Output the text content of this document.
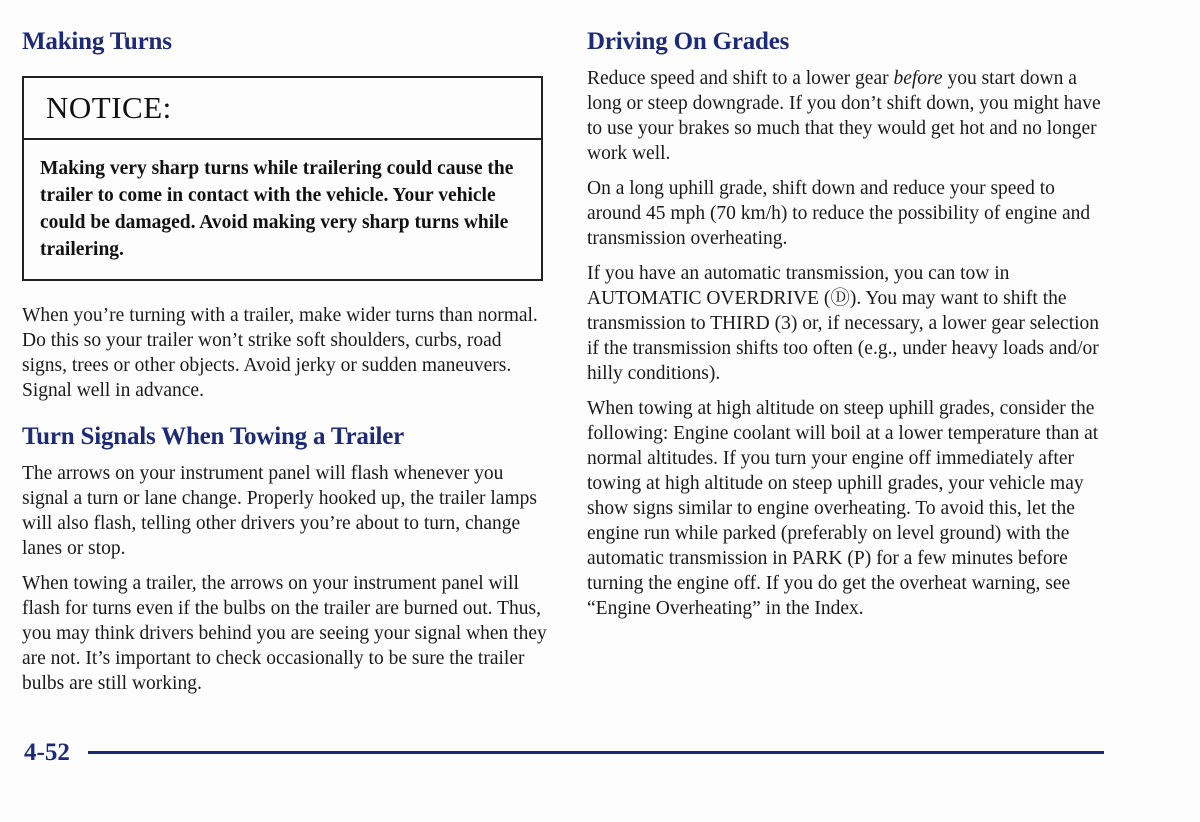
Making Turns
NOTICE:
Making very sharp turns while trailering could cause the trailer to come in contact with the vehicle. Your vehicle could be damaged. Avoid making very sharp turns while trailering.

When you’re turning with a trailer, make wider turns than normal. Do this so your trailer won’t strike soft shoulders, curbs, road signs, trees or other objects. Avoid jerky or sudden maneuvers. Signal well in advance.

Turn Signals When Towing a Trailer

The arrows on your instrument panel will flash whenever you signal a turn or lane change. Properly hooked up, the trailer lamps will also flash, telling other drivers you’re about to turn, change lanes or stop.

When towing a trailer, the arrows on your instrument panel will flash for turns even if the bulbs on the trailer are burned out. Thus, you may think drivers behind you are seeing your signal when they are not. It’s important to check occasionally to be sure the trailer bulbs are still working.

Driving On Grades

Reduce speed and shift to a lower gear before you start down a long or steep downgrade. If you don’t shift down, you might have to use your brakes so much that they would get hot and no longer work well.

On a long uphill grade, shift down and reduce your speed to around 45 mph (70 km/h) to reduce the possibility of engine and transmission overheating.

If you have an automatic transmission, you can tow in AUTOMATIC OVERDRIVE (Ⓓ). You may want to shift the transmission to THIRD (3) or, if necessary, a lower gear selection if the transmission shifts too often (e.g., under heavy loads and/or hilly conditions).

When towing at high altitude on steep uphill grades, consider the following: Engine coolant will boil at a lower temperature than at normal altitudes. If you turn your engine off immediately after towing at high altitude on steep uphill grades, your vehicle may show signs similar to engine overheating. To avoid this, let the engine run while parked (preferably on level ground) with the automatic transmission in PARK (P) for a few minutes before turning the engine off. If you do get the overheat warning, see “Engine Overheating” in the Index.

4-52
